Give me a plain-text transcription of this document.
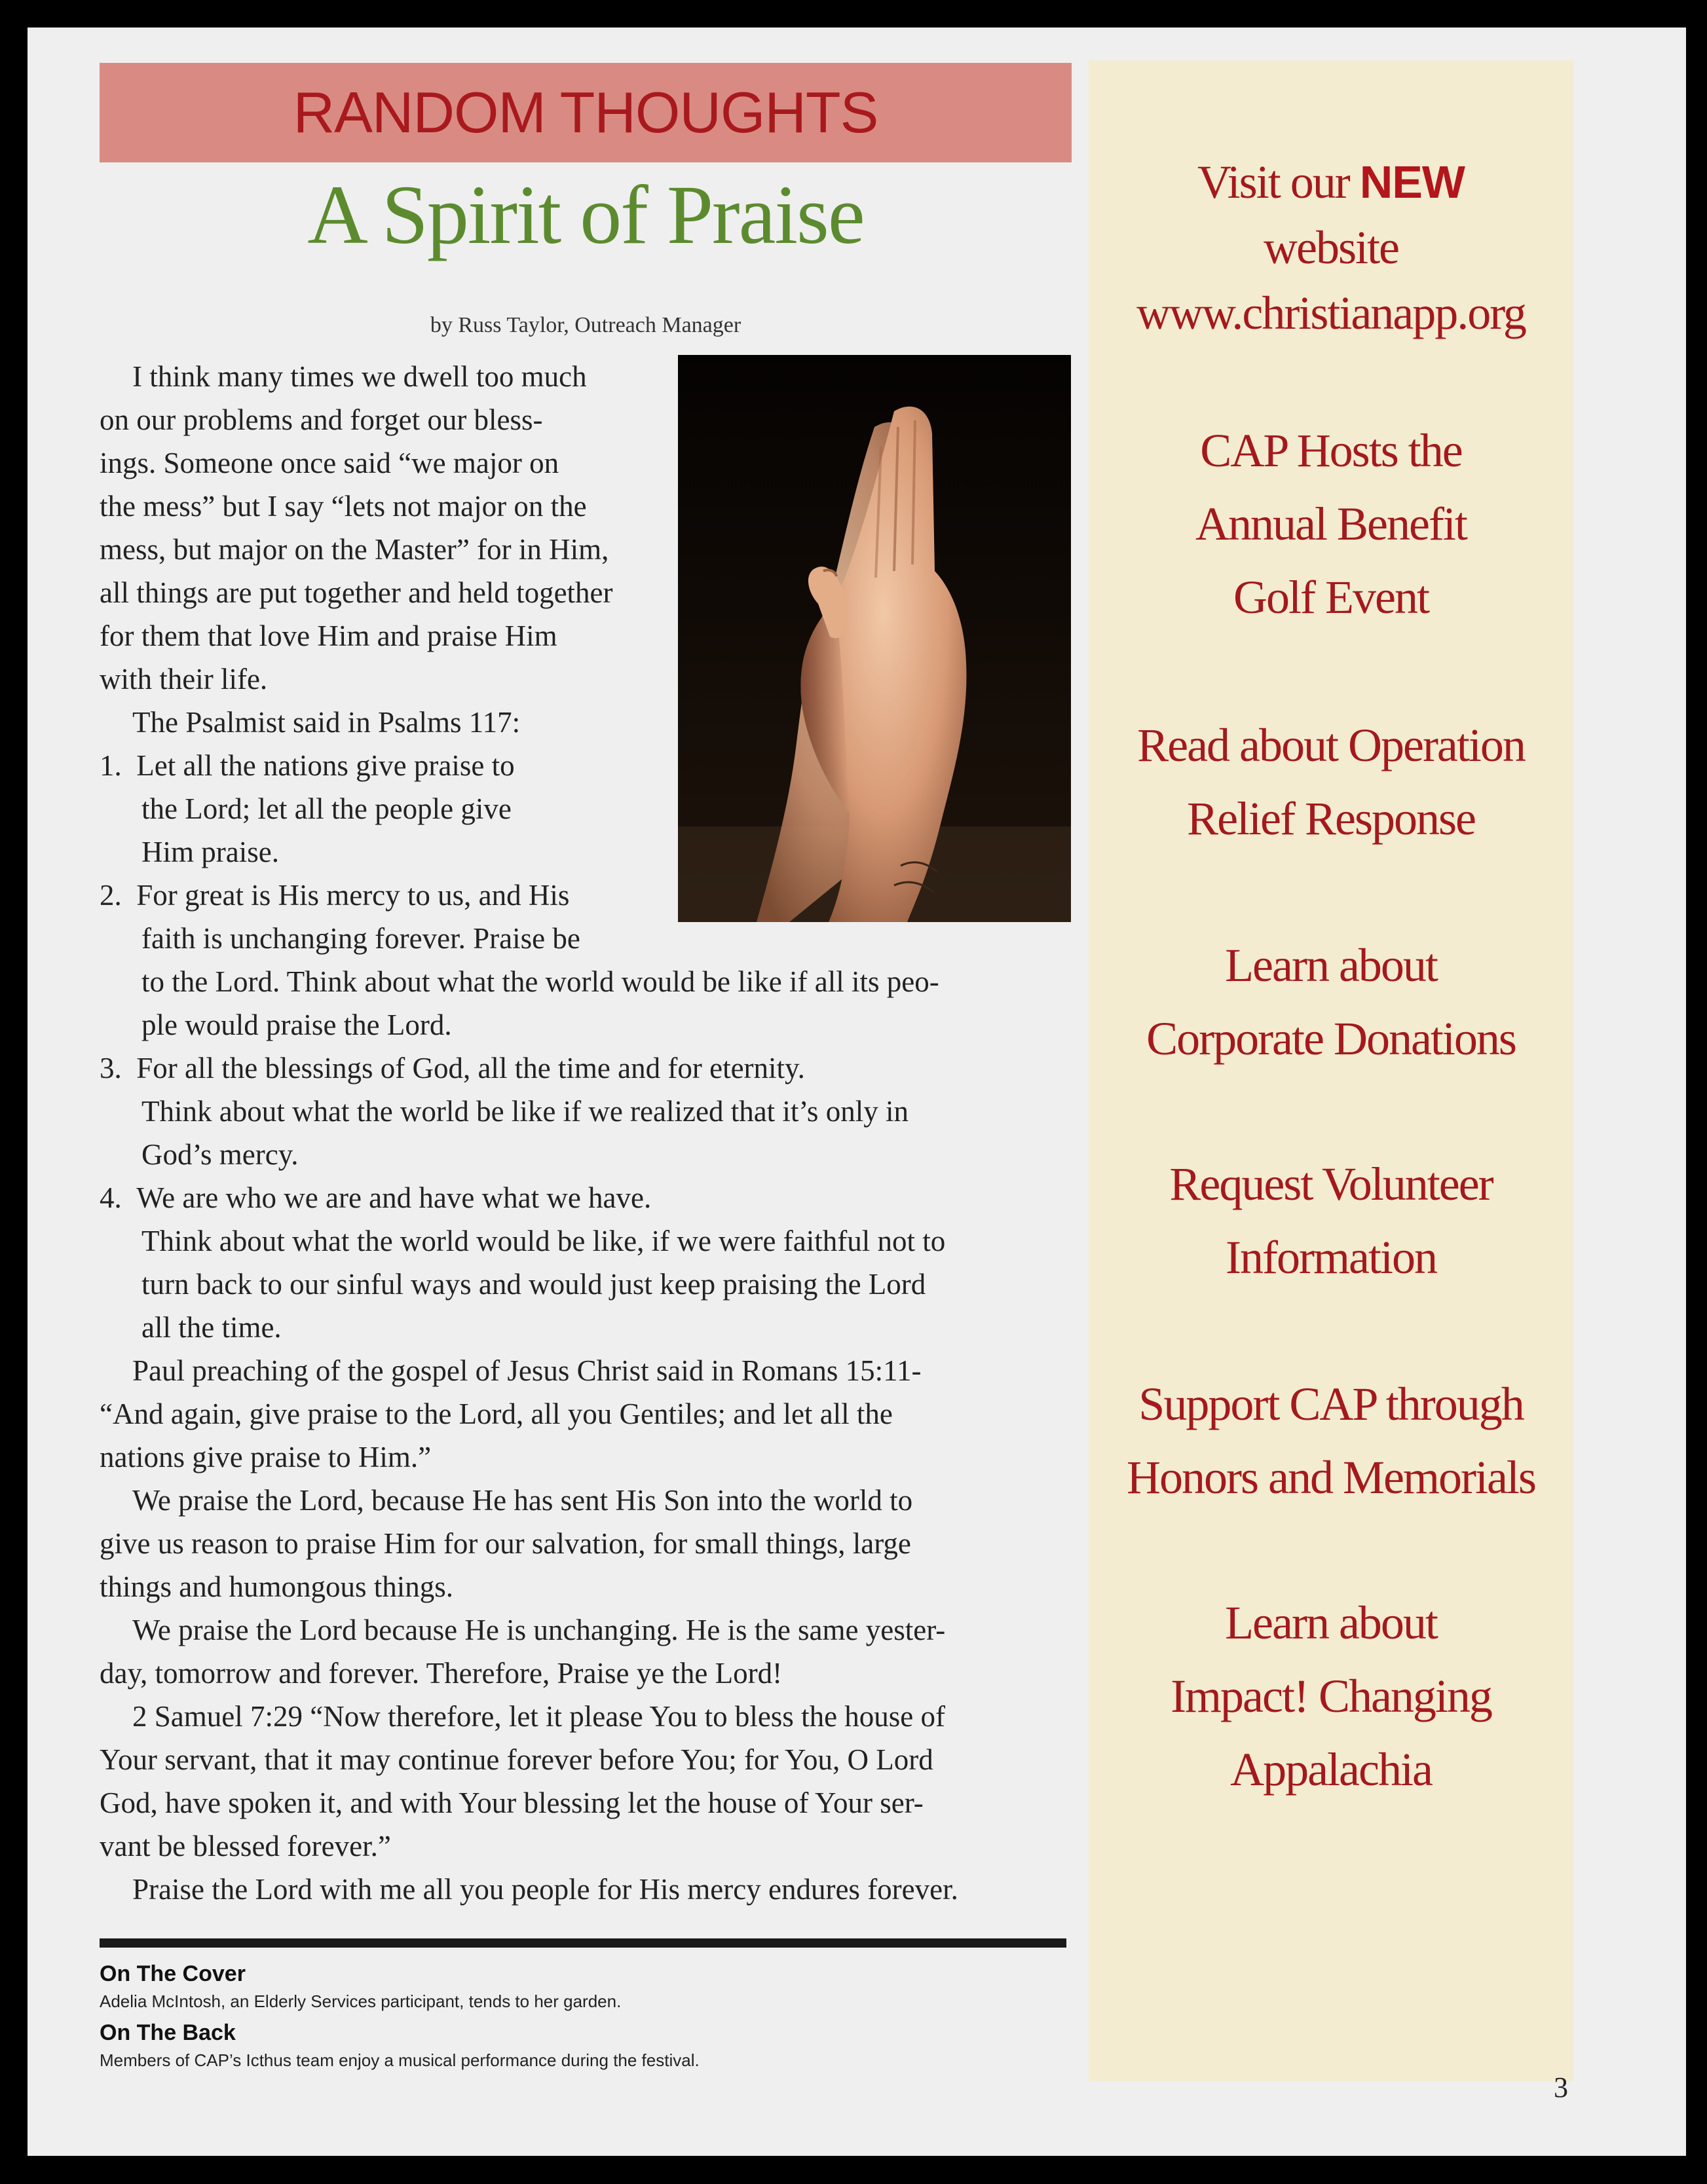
RANDOM THOUGHTS
A Spirit of Praise
by Russ Taylor, Outreach Manager
I think many times we dwell too much
on our problems and forget our bless-
ings. Someone once said “we major on
the mess” but I say “lets not major on the
mess, but major on the Master” for in Him,
all things are put together and held together
for them that love Him and praise Him
with their life.
The Psalmist said in Psalms 117:
1.  Let all the nations give praise to
the Lord; let all the people give
Him praise.
2.  For great is His mercy to us, and His
faith is unchanging forever. Praise be
to the Lord. Think about what the world would be like if all its peo-
ple would praise the Lord.
3.  For all the blessings of God, all the time and for eternity.
Think about what the world be like if we realized that it’s only in
God’s mercy.
4.  We are who we are and have what we have.
Think about what the world would be like, if we were faithful not to
turn back to our sinful ways and would just keep praising the Lord
all the time.
Paul preaching of the gospel of Jesus Christ said in Romans 15:11-
“And again, give praise to the Lord, all you Gentiles; and let all the
nations give praise to Him.”
We praise the Lord, because He has sent His Son into the world to
give us reason to praise Him for our salvation, for small things, large
things and humongous things.
We praise the Lord because He is unchanging. He is the same yester-
day, tomorrow and forever. Therefore, Praise ye the Lord!
2 Samuel 7:29 “Now therefore, let it please You to bless the house of
Your servant, that it may continue forever before You; for You, O Lord
God, have spoken it, and with Your blessing let the house of Your ser-
vant be blessed forever.”
Praise the Lord with me all you people for His mercy endures forever.
On The Cover
Adelia McIntosh, an Elderly Services participant, tends to her garden.
On The Back
Members of CAP’s Icthus team enjoy a musical performance during the festival.
Visit our NEW
website
www.christianapp.org
CAP Hosts the
Annual Benefit
Golf Event
Read about Operation
Relief Response
Learn about
Corporate Donations
Request Volunteer
Information
Support CAP through
Honors and Memorials
Learn about
Impact! Changing
Appalachia
3
